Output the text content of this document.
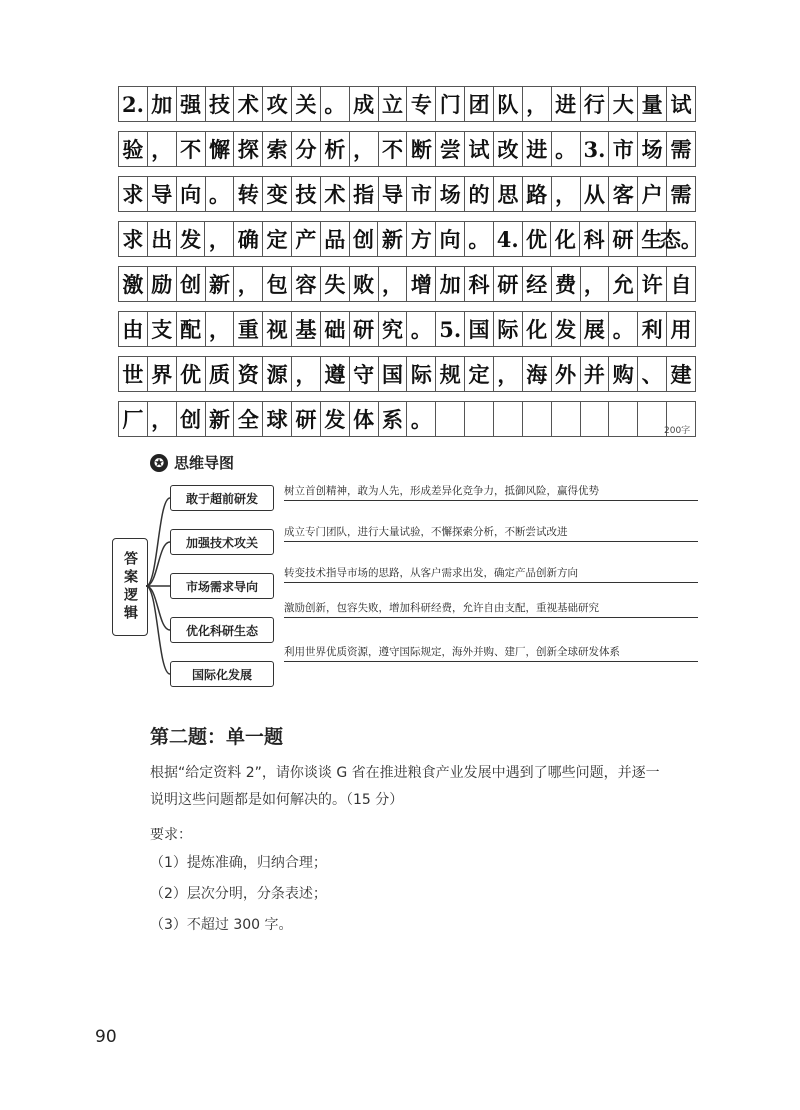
2. 加 强 技 术 攻 关 。 成 立 专 门 团 队 ， 进 行 大 量 试
验 ， 不 懈 探 索 分 析 ， 不 断 尝 试 改 进 。 3. 市 场 需
求 导 向 。 转 变 技 术 指 导 市 场 的 思 路 ， 从 客 户 需
求 出 发 ， 确 定 产 品 创 新 方 向 。 4. 优 化 科 研 生
态。
激 励 创 新 ， 包 容 失 败 ， 增 加 科 研 经 费 ， 允 许 自
由 支 配 ， 重 视 基 础 研 究 。 5. 国 际 化 发 展 。 利 用
世 界 优 质 资 源 ， 遵 守 国 际 规 定 ， 海 外 并 购 、 建
厂 ， 创 新 全 球 研 发 体 系 。	200字
✪ 思维导图
答案逻辑
敢于超前研发
树立首创精神，敢为人先，形成差异化竞争力，抵御风险，赢得优势
加强技术攻关
成立专门团队，进行大量试验，不懈探索分析，不断尝试改进
市场需求导向
转变技术指导市场的思路，从客户需求出发，确定产品创新方向
优化科研生态
激励创新，包容失败，增加科研经费，允许自由支配，重视基础研究
国际化发展
利用世界优质资源，遵守国际规定，海外并购、建厂，创新全球研发体系
第二题：单一题
根据“给定资料 2”，请你谈谈 G 省在推进粮食产业发展中遇到了哪些问题，并逐一说明这些问题都是如何解决的。（15 分）
要求：
（1）提炼准确，归纳合理；
（2）层次分明，分条表述；
（3）不超过 300 字。
90
